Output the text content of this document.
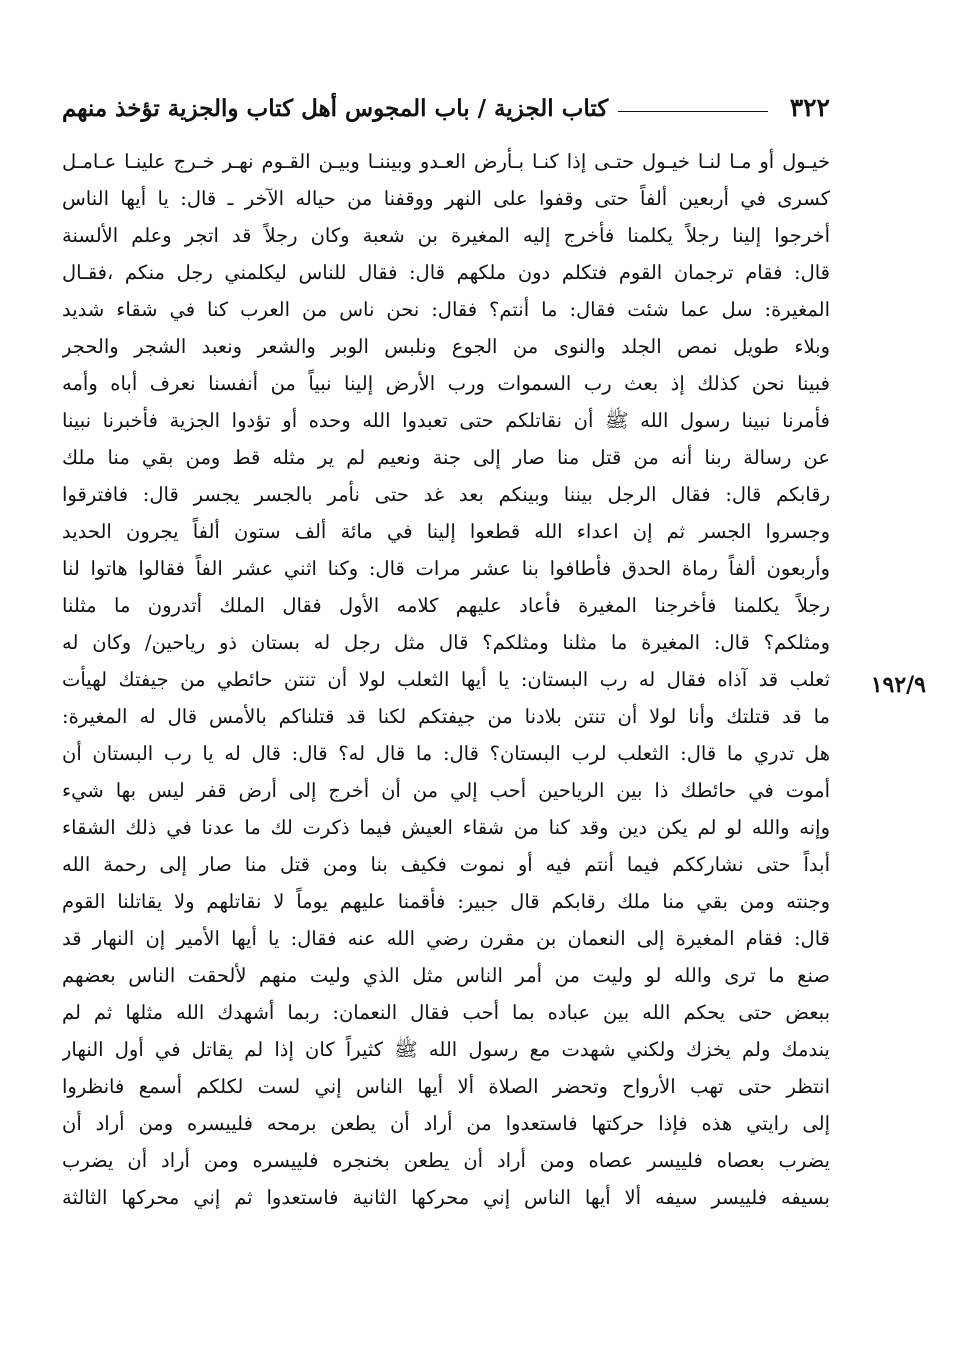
٣٢٢
كتاب الجزية / باب المجوس أهل كتاب والجزية تؤخذ منهم
خيـول أو مـا لنـا خيـول حتـى إذا كنـا بـأرض العـدو وبيننـا وبيـن القـوم نهـر خـرج علينـا عـامـل
كسرى في أربعين ألفاً حتى وقفوا على النهر ووقفنا من حياله الآخر ـ قال: يا أيها الناس
أخرجوا إلينا رجلاً يكلمنا فأخرج إليه المغيرة بن شعبة وكان رجلاً قد اتجر وعلم الألسنة
قال: فقام ترجمان القوم فتكلم دون ملكهم قال: فقال للناس ليكلمني رجل منكم ،فقـال
المغيرة: سل عما شئت فقال: ما أنتم؟ فقال: نحن ناس من العرب كنا في شقاء شديد
وبلاء طويل نمص الجلد والنوى من الجوع ونلبس الوبر والشعر ونعبد الشجر والحجر
فبينا نحن كذلك إذ بعث رب السموات ورب الأرض إلينا نبياً من أنفسنا نعرف أباه وأمه
فأمرنا نبينا رسول الله ﷺ أن نقاتلكم حتى تعبدوا الله وحده أو تؤدوا الجزية فأخبرنا نبينا
عن رسالة ربنا أنه من قتل منا صار إلى جنة ونعيم لم ير مثله قط ومن بقي منا ملك
رقابكم قال: فقال الرجل بيننا وبينكم بعد غد حتى نأمر بالجسر يجسر قال: فافترقوا
وجسروا الجسر ثم إن اعداء الله قطعوا إلينا في مائة ألف ستون ألفاً يجرون الحديد
وأربعون ألفاً رماة الحدق فأطافوا بنا عشر مرات قال: وكنا اثني عشر الفاً فقالوا هاتوا لنا
رجلاً يكلمنا فأخرجنا المغيرة فأعاد عليهم كلامه الأول فقال الملك أتدرون ما مثلنا
ومثلكم؟ قال: المغيرة ما مثلنا ومثلكم؟ قال مثل رجل له بستان ذو رياحين/ وكان له
ثعلب قد آذاه فقال له رب البستان: يا أيها الثعلب لولا أن تنتن حائطي من جيفتك لهيأت
ما قد قتلتك وأنا لولا أن تنتن بلادنا من جيفتكم لكنا قد قتلناكم بالأمس قال له المغيرة:
هل تدري ما قال: الثعلب لرب البستان؟ قال: ما قال له؟ قال: قال له يا رب البستان أن
أموت في حائطك ذا بين الرياحين أحب إلي من أن أخرج إلى أرض قفر ليس بها شيء
وإنه والله لو لم يكن دين وقد كنا من شقاء العيش فيما ذكرت لك ما عدنا في ذلك الشقاء
أبداً حتى نشارككم فيما أنتم فيه أو نموت فكيف بنا ومن قتل منا صار إلى رحمة الله
وجنته ومن بقي منا ملك رقابكم قال جبير: فأقمنا عليهم يوماً لا نقاتلهم ولا يقاتلنا القوم
قال: فقام المغيرة إلى النعمان بن مقرن رضي الله عنه فقال: يا أيها الأمير إن النهار قد
صنع ما ترى والله لو وليت من أمر الناس مثل الذي وليت منهم لألحقت الناس بعضهم
ببعض حتى يحكم الله بين عباده بما أحب فقال النعمان: ربما أشهدك الله مثلها ثم لم
يندمك ولم يخزك ولكني شهدت مع رسول الله ﷺ كثيراً كان إذا لم يقاتل في أول النهار
انتظر حتى تهب الأرواح وتحضر الصلاة ألا أيها الناس إني لست لكلكم أسمع فانظروا
إلى رايتي هذه فإذا حركتها فاستعدوا من أراد أن يطعن برمحه فلييسره ومن أراد أن
يضرب بعصاه فلييسر عصاه ومن أراد أن يطعن بخنجره فلييسره ومن أراد أن يضرب
بسيفه فلييسر سيفه ألا أيها الناس إني محركها الثانية فاستعدوا ثم إني محركها الثالثة
١٩٢/٩
